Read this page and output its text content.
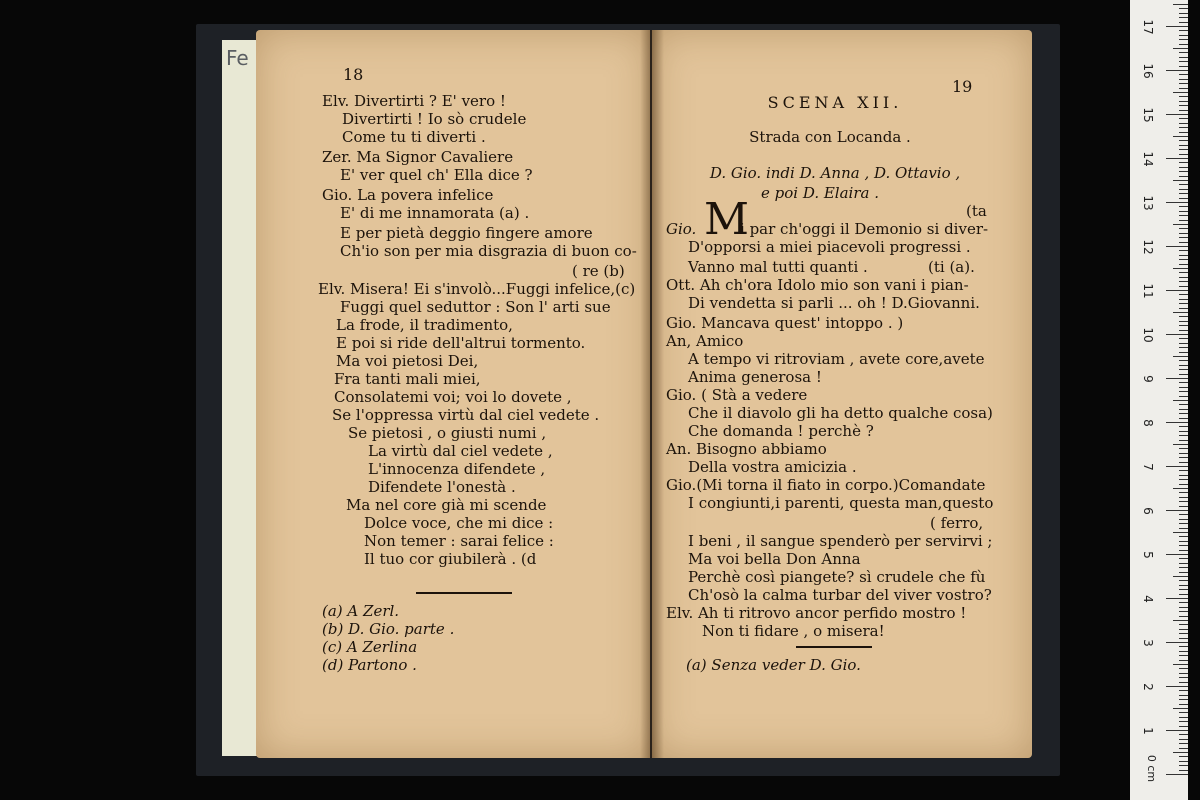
Fe
18
Elv. Divertirti ? E' vero !
Divertirti ! Io sò crudele
Come tu ti diverti .
Zer. Ma Signor Cavaliere
E' ver quel ch' Ella dice ?
Gio. La povera infelice
E' di me innamorata (a) .
E per pietà deggio fingere amore
Ch'io son per mia disgrazia di buon co-
( re (b)
Elv. Misera! Ei s'involò...Fuggi infelice,(c)
Fuggi quel seduttor : Son l' arti sue
La frode, il tradimento,
E poi si ride dell'altrui tormento.
Ma voi pietosi Dei,
Fra tanti mali miei,
Consolatemi voi; voi lo dovete ,
Se l'oppressa virtù dal ciel vedete .
Se pietosi , o giusti numi ,
La virtù dal ciel vedete ,
L'innocenza difendete ,
Difendete l'onestà .
Ma nel core già mi scende
Dolce voce, che mi dice :
Non temer : sarai felice :
Il tuo cor giubilerà . (d
(a) A Zerl.
(b) D. Gio. parte .
(c) A Zerlina
(d) Partono .
19
SCENA XII.
Strada con Locanda .
D. Gio. indi D. Anna , D. Ottavio ,
e poi D. Elaira .
(ta
Gio. M
i par ch'oggi il Demonio si diver-
D'opporsi a miei piacevoli progressi .
Vanno mal tutti quanti .	(ti (a).
Ott. Ah ch'ora Idolo mio son vani i pian-
Di vendetta si parli ... oh ! D.Giovanni.
Gio. Mancava quest' intoppo . )
An, Amico
A tempo vi ritroviam , avete core,avete
Anima generosa !
Gio. ( Stà a vedere
Che il diavolo gli ha detto qualche cosa)
Che domanda ! perchè ?
An. Bisogno abbiamo
Della vostra amicizia .
Gio.(Mi torna il fiato in corpo.)Comandate
I congiunti,i parenti, questa man,questo
( ferro,
I beni , il sangue spenderò per servirvi ;
Ma voi bella Don Anna
Perchè così piangete? sì crudele che fù
Ch'osò la calma turbar del viver vostro?
Elv. Ah ti ritrovo ancor perfido mostro !
Non ti fidare , o misera!
(a) Senza veder D. Gio.
1
2
3
4
5
6
7
8
9
10
11
12
13
14
15
16
17
0 cm
